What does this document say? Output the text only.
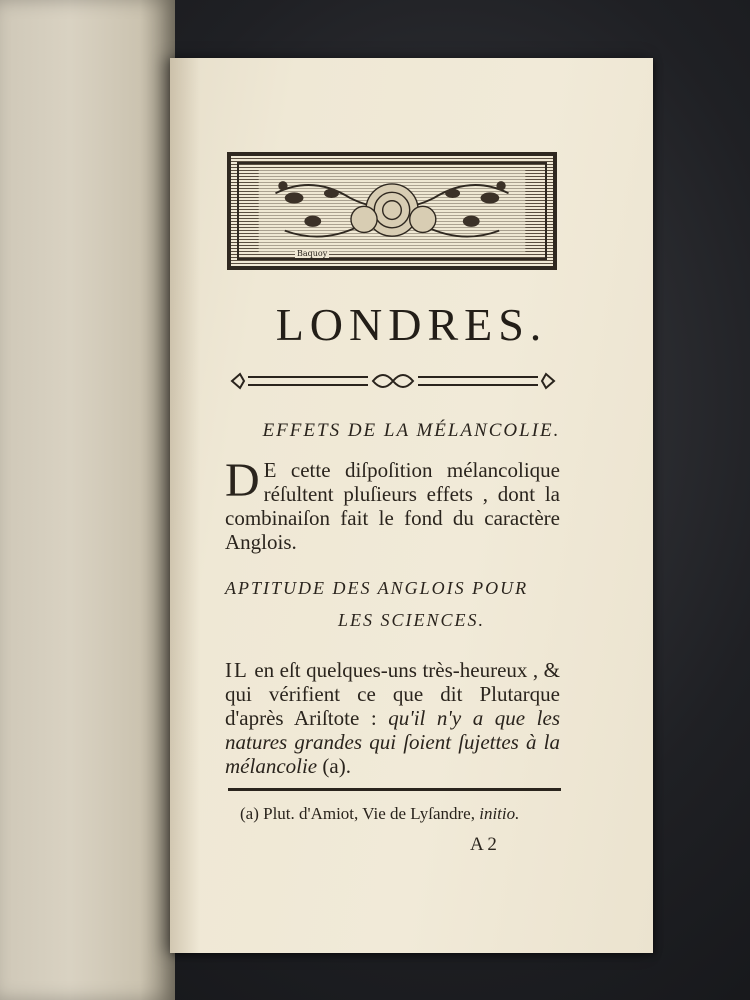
Baquoy
LONDRES.
EFFETS DE LA MÉLANCOLIE.
D E cette diſpoſition mélancolique réſultent pluſieurs effets , dont la combinaiſon fait le fond du caractère Anglois.
APTITUDE DES ANGLOIS POUR
LES SCIENCES.
IL en eſt quelques-uns très-heureux , & qui vérifient ce que dit Plutarque d'après Ariſtote : qu'il n'y a que les natures grandes qui ſoient ſujettes à la mélancolie (a).
(a) Plut. d'Amiot, Vie de Lyſandre, initio.
A 2
